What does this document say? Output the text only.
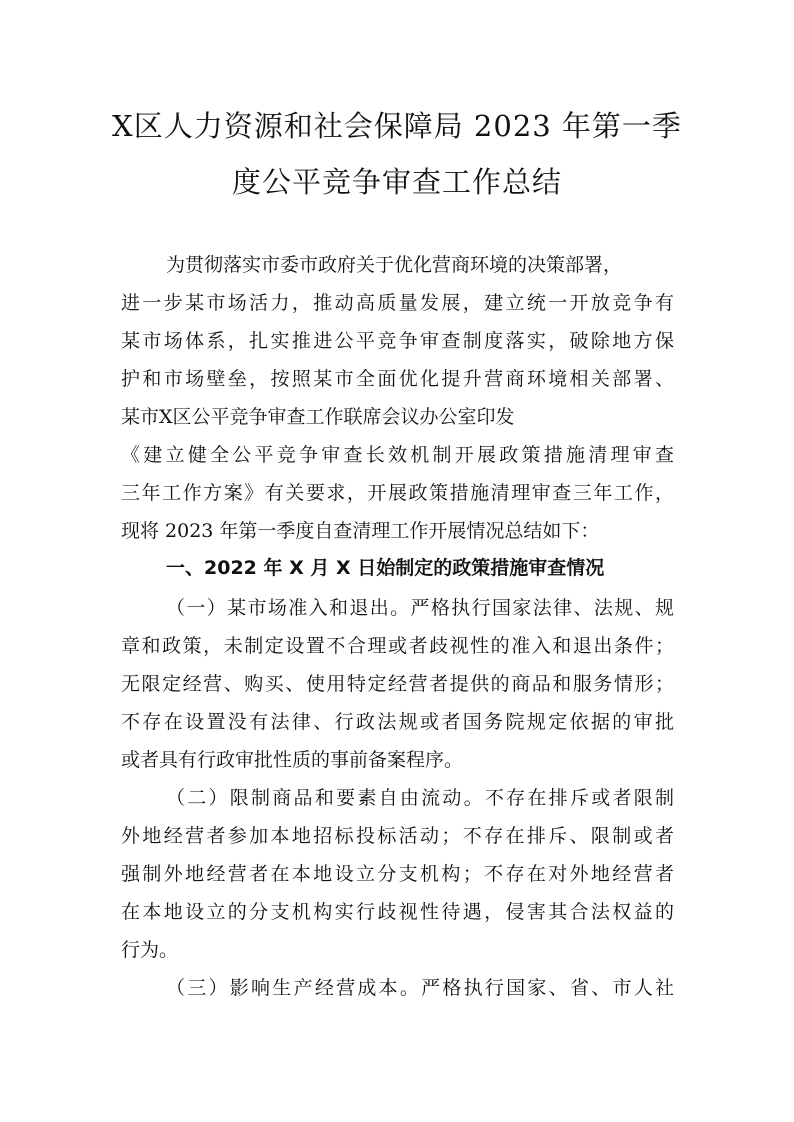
X区人力资源和社会保障局 2023 年第一季
度公平竞争审查工作总结
为贯彻落实市委市政府关于优化营商环境的决策部署，
进一步某市场活力，推动高质量发展，建立统一开放竞争有
某市场体系，扎实推进公平竞争审查制度落实，破除地方保
护和市场壁垒，按照某市全面优化提升营商环境相关部署、
某市X区公平竞争审查工作联席会议办公室印发
《建立健全公平竞争审查长效机制开展政策措施清理审查
三年工作方案》有关要求，开展政策措施清理审查三年工作，
现将 2023 年第一季度自查清理工作开展情况总结如下：
一、2022 年 X 月 X 日始制定的政策措施审查情况
（一）某市场准入和退出。严格执行国家法律、法规、规
章和政策，未制定设置不合理或者歧视性的准入和退出条件；
无限定经营、购买、使用特定经营者提供的商品和服务情形；
不存在设置没有法律、行政法规或者国务院规定依据的审批
或者具有行政审批性质的事前备案程序。
（二）限制商品和要素自由流动。不存在排斥或者限制
外地经营者参加本地招标投标活动；不存在排斥、限制或者
强制外地经营者在本地设立分支机构；不存在对外地经营者
在本地设立的分支机构实行歧视性待遇，侵害其合法权益的
行为。
（三）影响生产经营成本。严格执行国家、省、市人社
